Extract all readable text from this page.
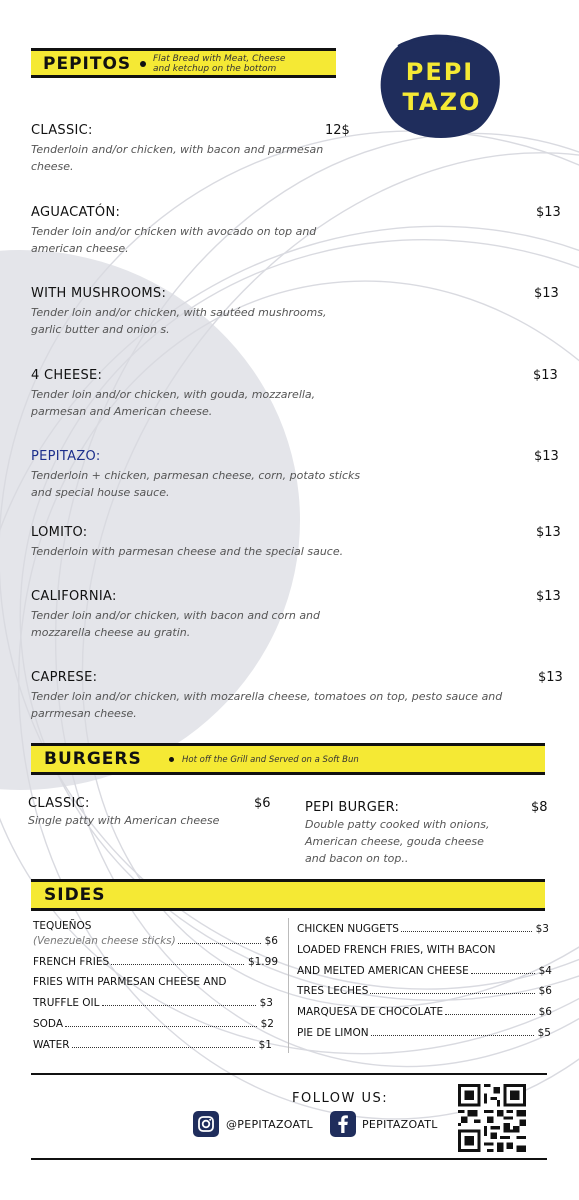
PEPITOS Flat Bread with Meat, Cheese
and ketchup on the bottom	PEPI
TAZO
CLASSIC:	12$
Tenderloin and/or chicken, with bacon and parmesan
cheese.
AGUACATÓN:	$13
Tender loin and/or chicken with avocado on top and
american cheese.
WITH MUSHROOMS:	$13
Tender loin and/or chicken, with sautéed mushrooms,
garlic butter and onion s.
4 CHEESE:	$13
Tender loin and/or chicken, with gouda, mozzarella,
parmesan and American cheese.
PEPITAZO:	$13
Tenderloin + chicken, parmesan cheese, corn, potato sticks
and special house sauce.
LOMITO:	$13
Tenderloin with parmesan cheese and the special sauce.
CALIFORNIA:	$13
Tender loin and/or chicken, with bacon and corn and
mozzarella cheese au gratin.
CAPRESE:	$13
Tender loin and/or chicken, with mozarella cheese, tomatoes on top, pesto sauce and
parrmesan cheese.
BURGERS	Hot off the Grill and Served on a Soft Bun
CLASSIC:	$6
Single patty with American cheese
PEPI BURGER:	$8
Double patty cooked with onions,
American cheese, gouda cheese
and bacon on top..
SIDES
TEQUEÑOS
(Venezuelan cheese sticks)	$6
FRENCH FRIES	$1.99
FRIES WITH PARMESAN CHEESE AND
TRUFFLE OIL	$3
SODA	$2
WATER	$1
CHICKEN NUGGETS	$3
LOADED FRENCH FRIES, WITH BACON
AND MELTED AMERICAN CHEESE	$4
TRES LECHES	$6
MARQUESA DE CHOCOLATE	$6
PIE DE LIMON	$5
FOLLOW US:
@PEPITAZOATL	PEPITAZOATL
